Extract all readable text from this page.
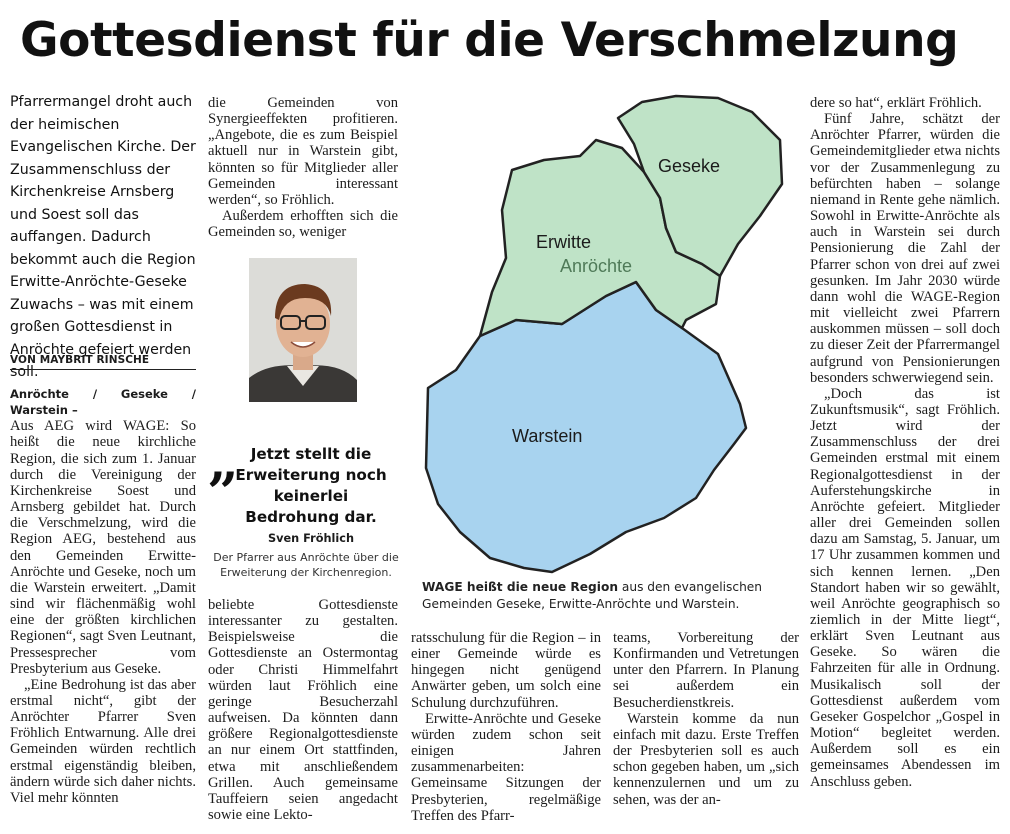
Gottesdienst für die Verschmelzung
Pfarrermangel droht auch der heimischen Evangelischen Kirche. Der Zusammenschluss der Kirchenkreise Arnsberg und Soest soll das auffangen. Dadurch bekommt auch die Region Erwitte-Anröchte-Geseke Zuwachs – was mit einem großen Gottesdienst in Anröchte gefeiert werden soll.
VON MAYBRIT RINSCHE
Anröchte / Geseke / Warstein –

Aus AEG wird WAGE: So heißt die neue kirchliche Region, die sich zum 1. Januar durch die Vereinigung der Kirchenkreise Soest und Arnsberg gebildet hat. Durch die Verschmelzung, wird die Region AEG, bestehend aus den Gemeinden Erwitte-Anröchte und Geseke, noch um die Warstein erweitert. „Damit sind wir flächenmäßig wohl eine der größten kirchlichen Regionen“, sagt Sven Leutnant, Pressesprecher vom Presbyterium aus Geseke.

„Eine Bedrohung ist das aber erstmal nicht“, gibt der Anröchter Pfarrer Sven Fröhlich Entwarnung. Alle drei Gemeinden würden rechtlich erstmal eigenständig bleiben, ändern würde sich daher nichts. Viel mehr könnten

die Gemeinden von Synergieeffekten profitieren. „Angebote, die es zum Beispiel aktuell nur in Warstein gibt, könnten so für Mitglieder aller Gemeinden interessant werden“, so Fröhlich.

Außerdem erhofften sich die Gemeinden so, weniger

„ Jetzt stellt die Erweiterung noch keinerlei Bedrohung dar.
Sven Fröhlich
Der Pfarrer aus Anröchte über die Erweiterung der Kirchenregion.

beliebte Gottesdienste interessanter zu gestalten. Beispielsweise die Gottesdienste an Ostermontag oder Christi Himmelfahrt würden laut Fröhlich eine geringe Besucherzahl aufweisen. Da könnten dann größere Regionalgottesdienste an nur einem Ort stattfinden, etwa mit anschließendem Grillen. Auch gemeinsame Tauffeiern seien angedacht sowie eine Lekto-

Geseke
Erwitte
Anröchte
Warstein
WAGE heißt die neue Region aus den evangelischen Gemeinden Geseke, Erwitte-Anröchte und Warstein.

ratsschulung für die Region – in einer Gemeinde würde es hingegen nicht genügend Anwärter geben, um solch eine Schulung durchzuführen.

Erwitte-Anröchte und Geseke würden zudem schon seit einigen Jahren zusammenarbeiten: Gemeinsame Sitzungen der Presbyterien, regelmäßige Treffen des Pfarr-

teams, Vorbereitung der Konfirmanden und Vetretungen unter den Pfarrern. In Planung sei außerdem ein Besucherdienstkreis.

Warstein komme da nun einfach mit dazu. Erste Treffen der Presbyterien soll es auch schon gegeben haben, um „sich kennenzulernen und um zu sehen, was der an-

dere so hat“, erklärt Fröhlich.

Fünf Jahre, schätzt der Anröchter Pfarrer, würden die Gemeindemitglieder etwa nichts vor der Zusammenlegung zu befürchten haben – solange niemand in Rente gehe nämlich. Sowohl in Erwitte-Anröchte als auch in Warstein sei durch Pensionierung die Zahl der Pfarrer schon von drei auf zwei gesunken. Im Jahr 2030 würde dann wohl die WAGE-Region mit vielleicht zwei Pfarrern auskommen müssen – soll doch zu dieser Zeit der Pfarrermangel aufgrund von Pensionierungen besonders schwerwiegend sein.

„Doch das ist Zukunftsmusik“, sagt Fröhlich. Jetzt wird der Zusammenschluss der drei Gemeinden erstmal mit einem Regionalgottesdienst in der Auferstehungskirche in Anröchte gefeiert. Mitglieder aller drei Gemeinden sollen dazu am Samstag, 5. Januar, um 17 Uhr zusammen kommen und sich kennen lernen. „Den Standort haben wir so gewählt, weil Anröchte geographisch so ziemlich in der Mitte liegt“, erklärt Sven Leutnant aus Geseke. So wären die Fahrzeiten für alle in Ordnung. Musikalisch soll der Gottesdienst außerdem vom Geseker Gospelchor „Gospel in Motion“ begleitet werden. Außerdem soll es ein gemeinsames Abendessen im Anschluss geben.
